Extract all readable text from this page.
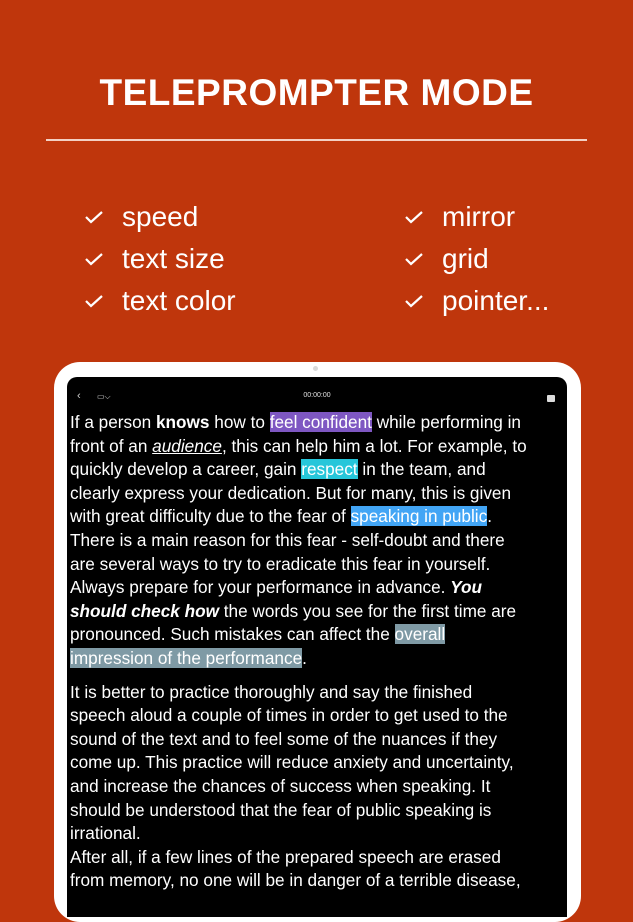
TELEPROMPTER MODE
speed
text size
text color
mirror
grid
pointer...
‹ ▭⌵	00:00:00
If a person knows how to feel confident while performing in
front of an audience, this can help him a lot. For example, to
quickly develop a career, gain respect in the team, and
clearly express your dedication. But for many, this is given
with great difficulty due to the fear of speaking in public.
There is a main reason for this fear - self-doubt and there
are several ways to try to eradicate this fear in yourself.
Always prepare for your performance in advance. You
should check how the words you see for the first time are
pronounced. Such mistakes can affect the overall
impression of the performance.
It is better to practice thoroughly and say the finished
speech aloud a couple of times in order to get used to the
sound of the text and to feel some of the nuances if they
come up. This practice will reduce anxiety and uncertainty,
and increase the chances of success when speaking. It
should be understood that the fear of public speaking is
irrational.
After all, if a few lines of the prepared speech are erased
from memory, no one will be in danger of a terrible disease,
